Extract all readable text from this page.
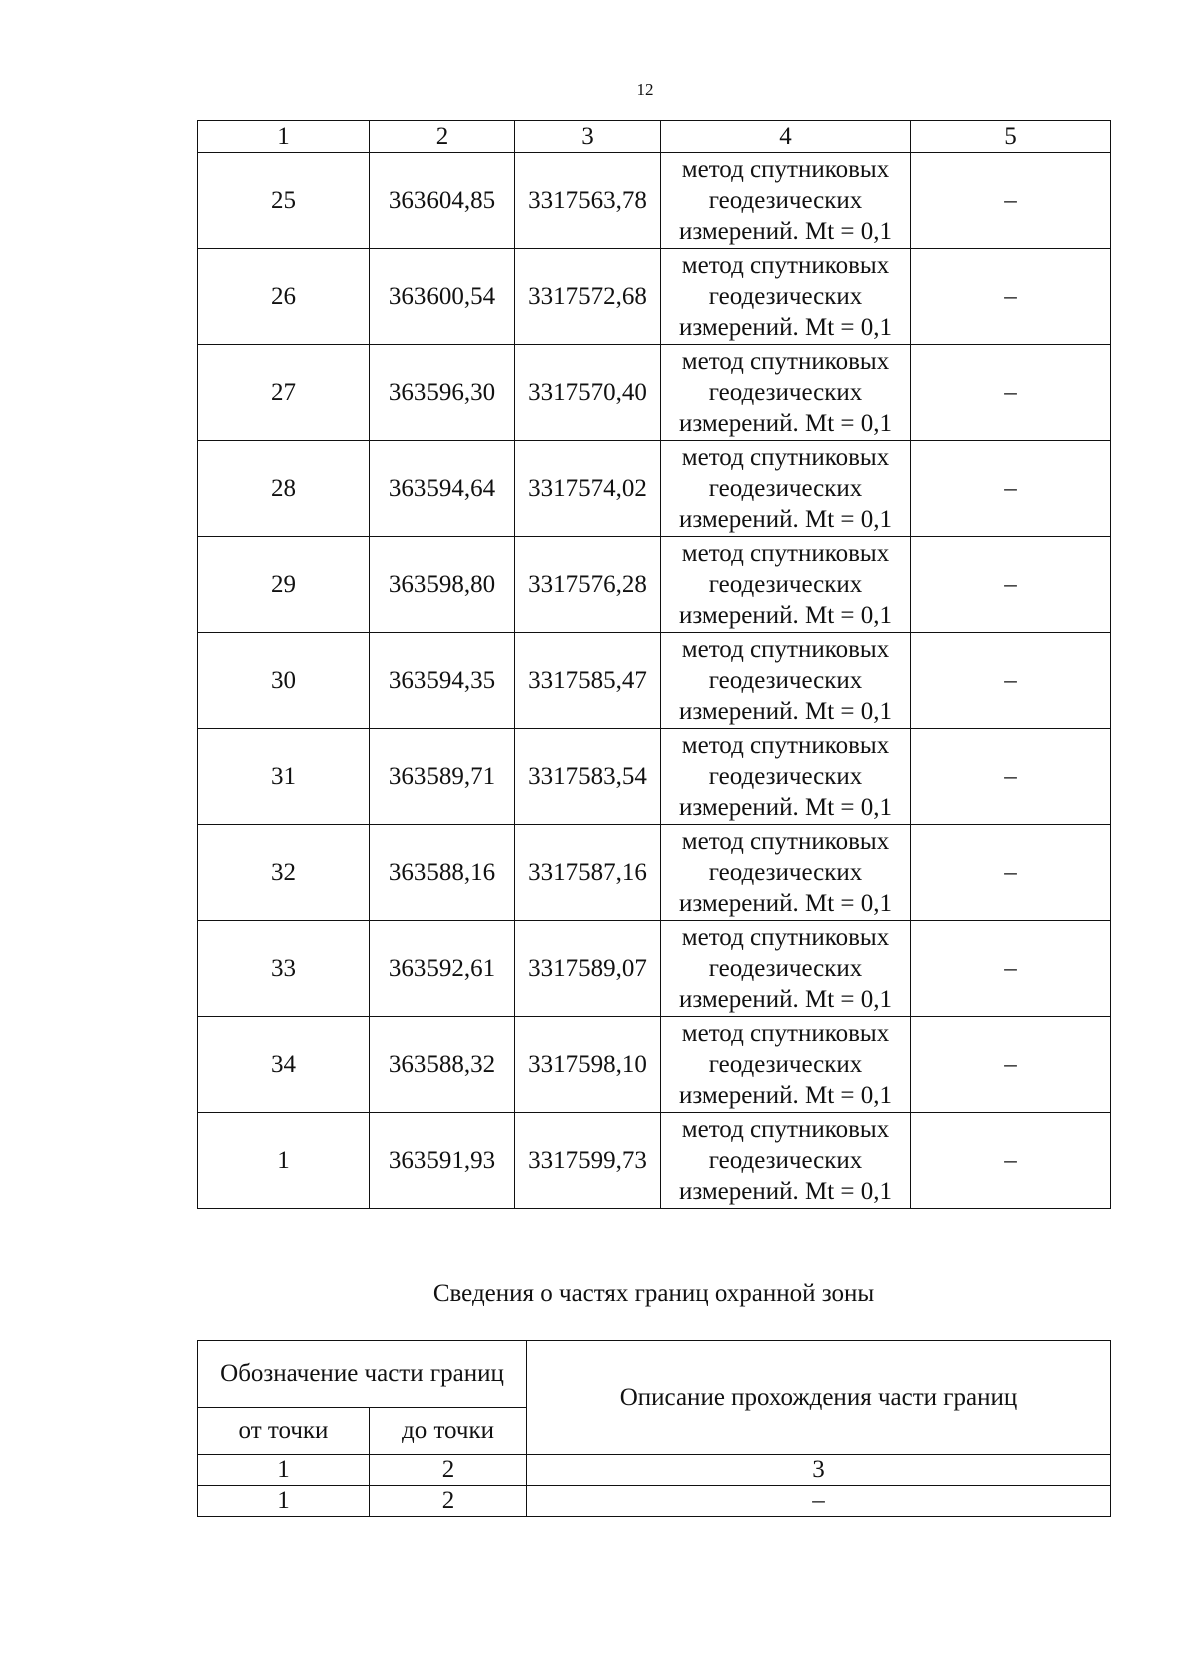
12
1	2	3	4	5
25	363604,85	3317563,78	метод спутниковых геодезических измерений. Mt = 0,1	–
26	363600,54	3317572,68	метод спутниковых геодезических измерений. Mt = 0,1	–
27	363596,30	3317570,40	метод спутниковых геодезических измерений. Mt = 0,1	–
28	363594,64	3317574,02	метод спутниковых геодезических измерений. Mt = 0,1	–
29	363598,80	3317576,28	метод спутниковых геодезических измерений. Mt = 0,1	–
30	363594,35	3317585,47	метод спутниковых геодезических измерений. Mt = 0,1	–
31	363589,71	3317583,54	метод спутниковых геодезических измерений. Mt = 0,1	–
32	363588,16	3317587,16	метод спутниковых геодезических измерений. Mt = 0,1	–
33	363592,61	3317589,07	метод спутниковых геодезических измерений. Mt = 0,1	–
34	363588,32	3317598,10	метод спутниковых геодезических измерений. Mt = 0,1	–
1	363591,93	3317599,73	метод спутниковых геодезических измерений. Mt = 0,1	–
Сведения о частях границ охранной зоны
Обозначение части границ		Описание прохождения части границ
от точки	до точки	
1	2	3
1	2	–
